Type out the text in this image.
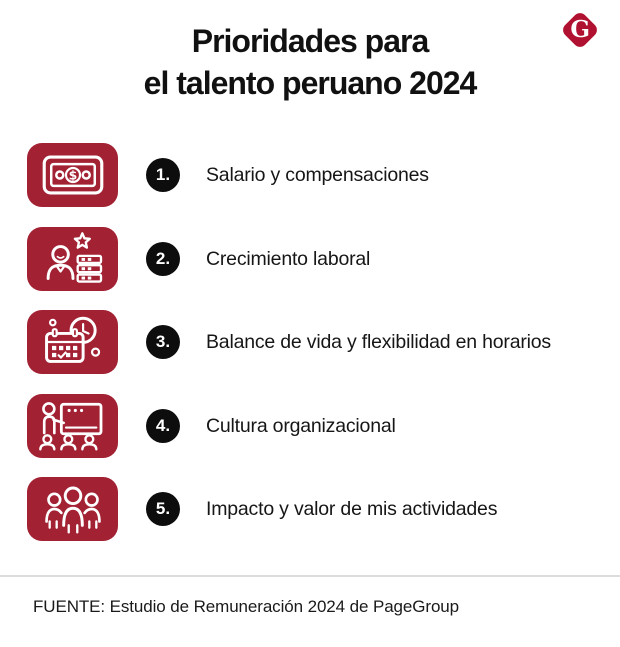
Prioridades para
el talento peruano 2024
G
$	1. Salario y compensaciones
2. Crecimiento laboral
3. Balance de vida y flexibilidad en horarios
4. Cultura organizacional
5. Impacto y valor de mis actividades
FUENTE: Estudio de Remuneración 2024 de PageGroup
